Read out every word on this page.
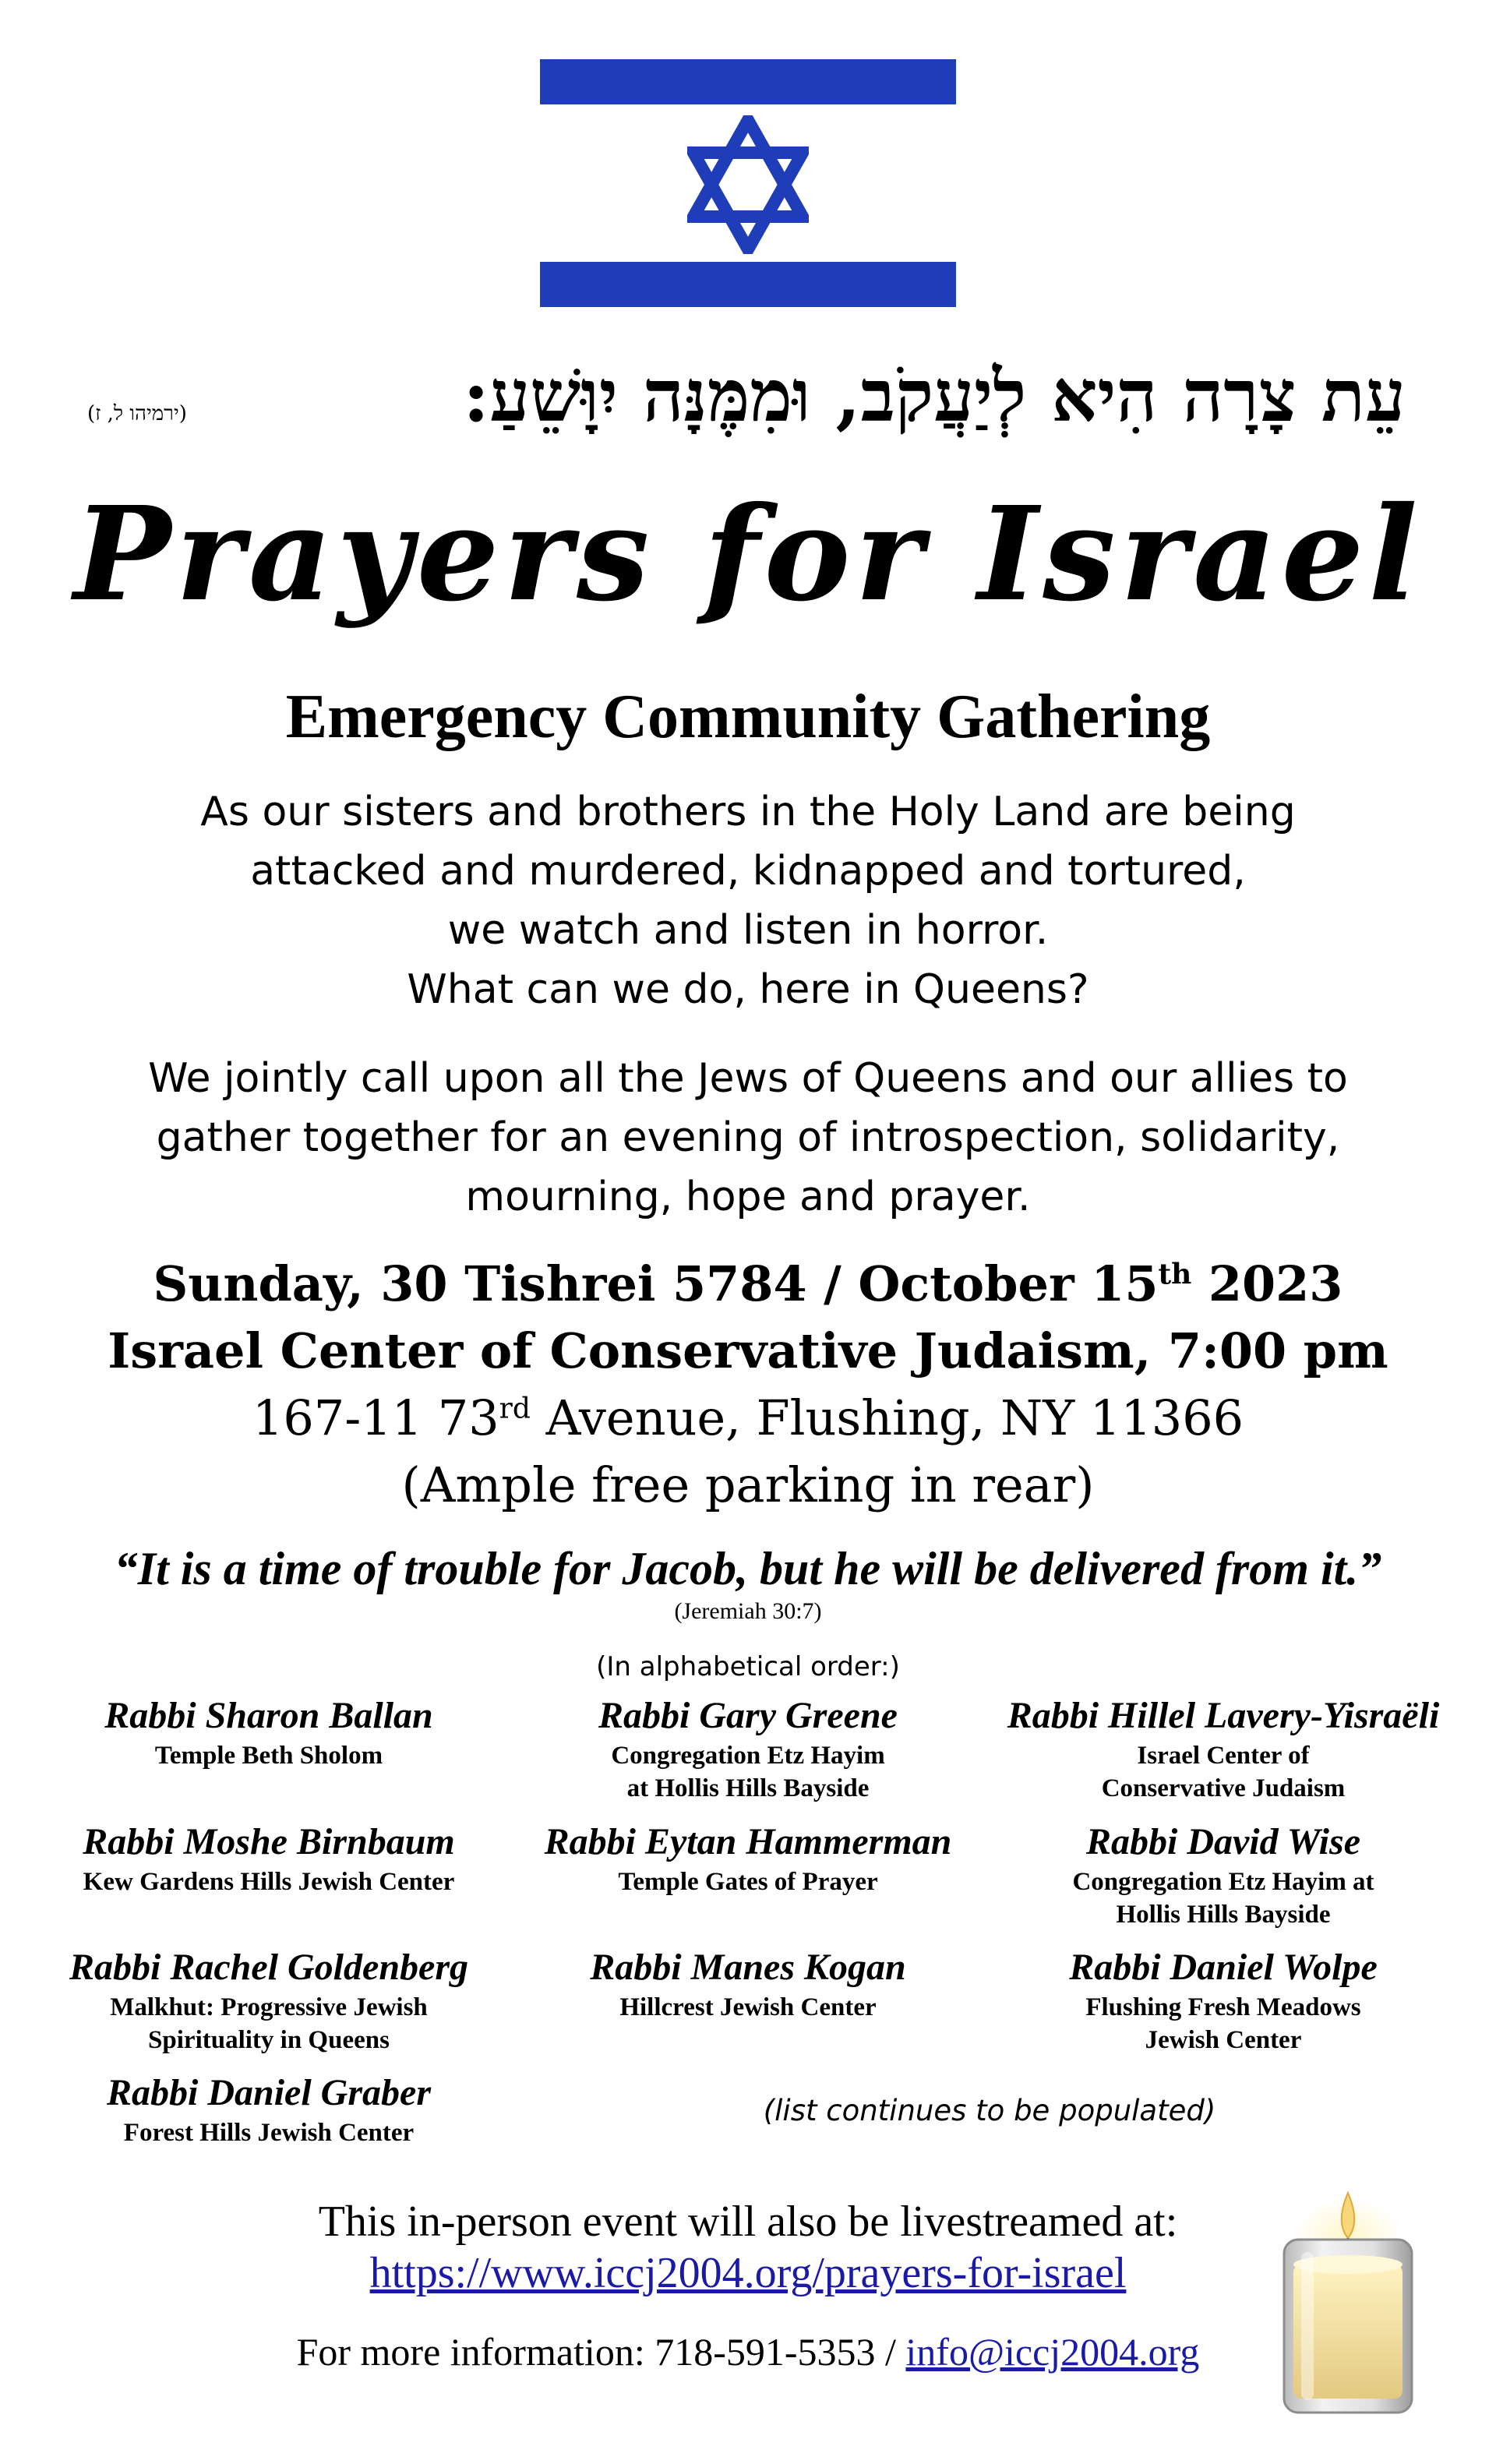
עֵת צָרָה הִיא לְיַעֲקֹב, וּמִמֶּנָּה יִוָּשֵׁעַ:
(ירמיהו ל, ז)
Prayers for Israel
Emergency Community Gathering
As our sisters and brothers in the Holy Land are being
attacked and murdered, kidnapped and tortured,
we watch and listen in horror.
What can we do, here in Queens?
We jointly call upon all the Jews of Queens and our allies to
gather together for an evening of introspection, solidarity,
mourning, hope and prayer.
Sunday, 30 Tishrei 5784 / October 15th 2023
Israel Center of Conservative Judaism, 7:00 pm
167-11 73rd Avenue, Flushing, NY 11366
(Ample free parking in rear)
“It is a time of trouble for Jacob, but he will be delivered from it.”
(Jeremiah 30:7)
(In alphabetical order:)
Rabbi Sharon Ballan
Temple Beth Sholom
Rabbi Gary Greene
Congregation Etz Hayim
at Hollis Hills Bayside
Rabbi Hillel Lavery-Yisraëli
Israel Center of
Conservative Judaism
Rabbi Moshe Birnbaum
Kew Gardens Hills Jewish Center
Rabbi Eytan Hammerman
Temple Gates of Prayer
Rabbi David Wise
Congregation Etz Hayim at
Hollis Hills Bayside
Rabbi Rachel Goldenberg
Malkhut: Progressive Jewish
Spirituality in Queens
Rabbi Manes Kogan
Hillcrest Jewish Center
Rabbi Daniel Wolpe
Flushing Fresh Meadows
Jewish Center
Rabbi Daniel Graber
Forest Hills Jewish Center
(list continues to be populated)
This in-person event will also be livestreamed at:
https://www.iccj2004.org/prayers-for-israel
For more information: 718-591-5353 / info@iccj2004.org
